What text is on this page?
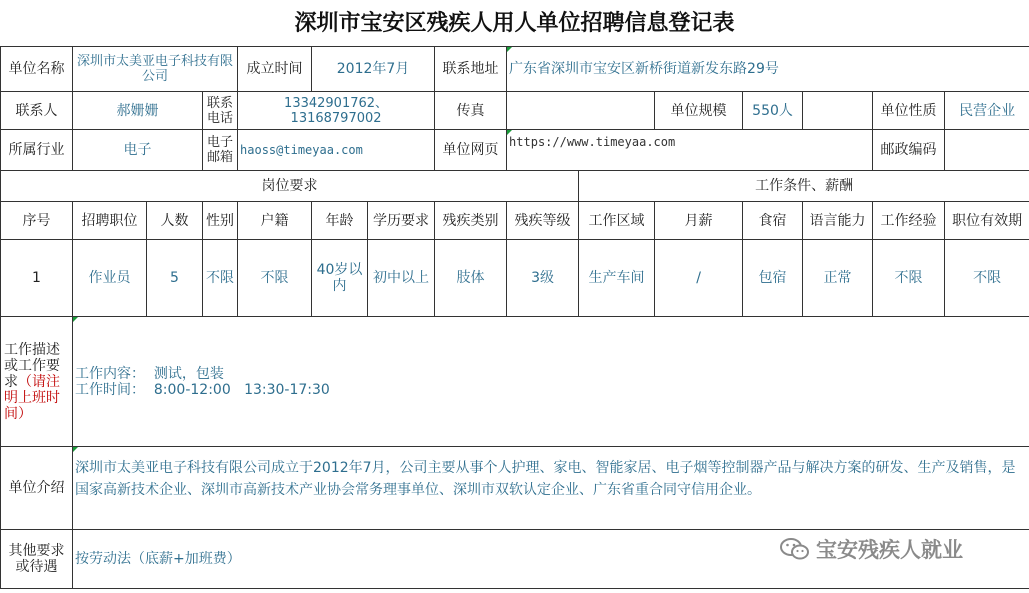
深圳市宝安区残疾人用人单位招聘信息登记表
单位名称	深圳市太美亚电子科技有限公司			成立时间	2012年7月		联系地址	广东省深圳市宝安区新桥街道新发东路29号						
联系人	郝姗姗		联系电话	13342901762、13168797002			传真			单位规模	550人		单位性质	民营企业
所属行业	电子		电子邮箱	haoss@timeyaa.com			单位网页	https://www.timeyaa.com					邮政编码	
岗位要求									工作条件、薪酬					
序号	招聘职位	人数	性别	户籍	年龄	学历要求	残疾类别	残疾等级	工作区域	月薪	食宿	语言能力	工作经验	职位有效期
1	作业员	5	不限	不限	40岁以内	初中以上	肢体	3级	生产车间	/	包宿	正常	不限	不限
工作描述或工作要求（请注明上班时间）	工作内容：  测试，包装
工作时间：  8:00-12:00   13:30-17:30													

单位介绍	深圳市太美亚电子科技有限公司成立于2012年7月，公司主要从事个人护理、家电、智能家居、电子烟等控制器产品与解决方案的研发、生产及销售，是国家高新技术企业、深圳市高新技术产业协会常务理事单位、深圳市双软认定企业、广东省重合同守信用企业。													
其他要求或待遇	按劳动法（底薪+加班费）														宝安残疾人就业
